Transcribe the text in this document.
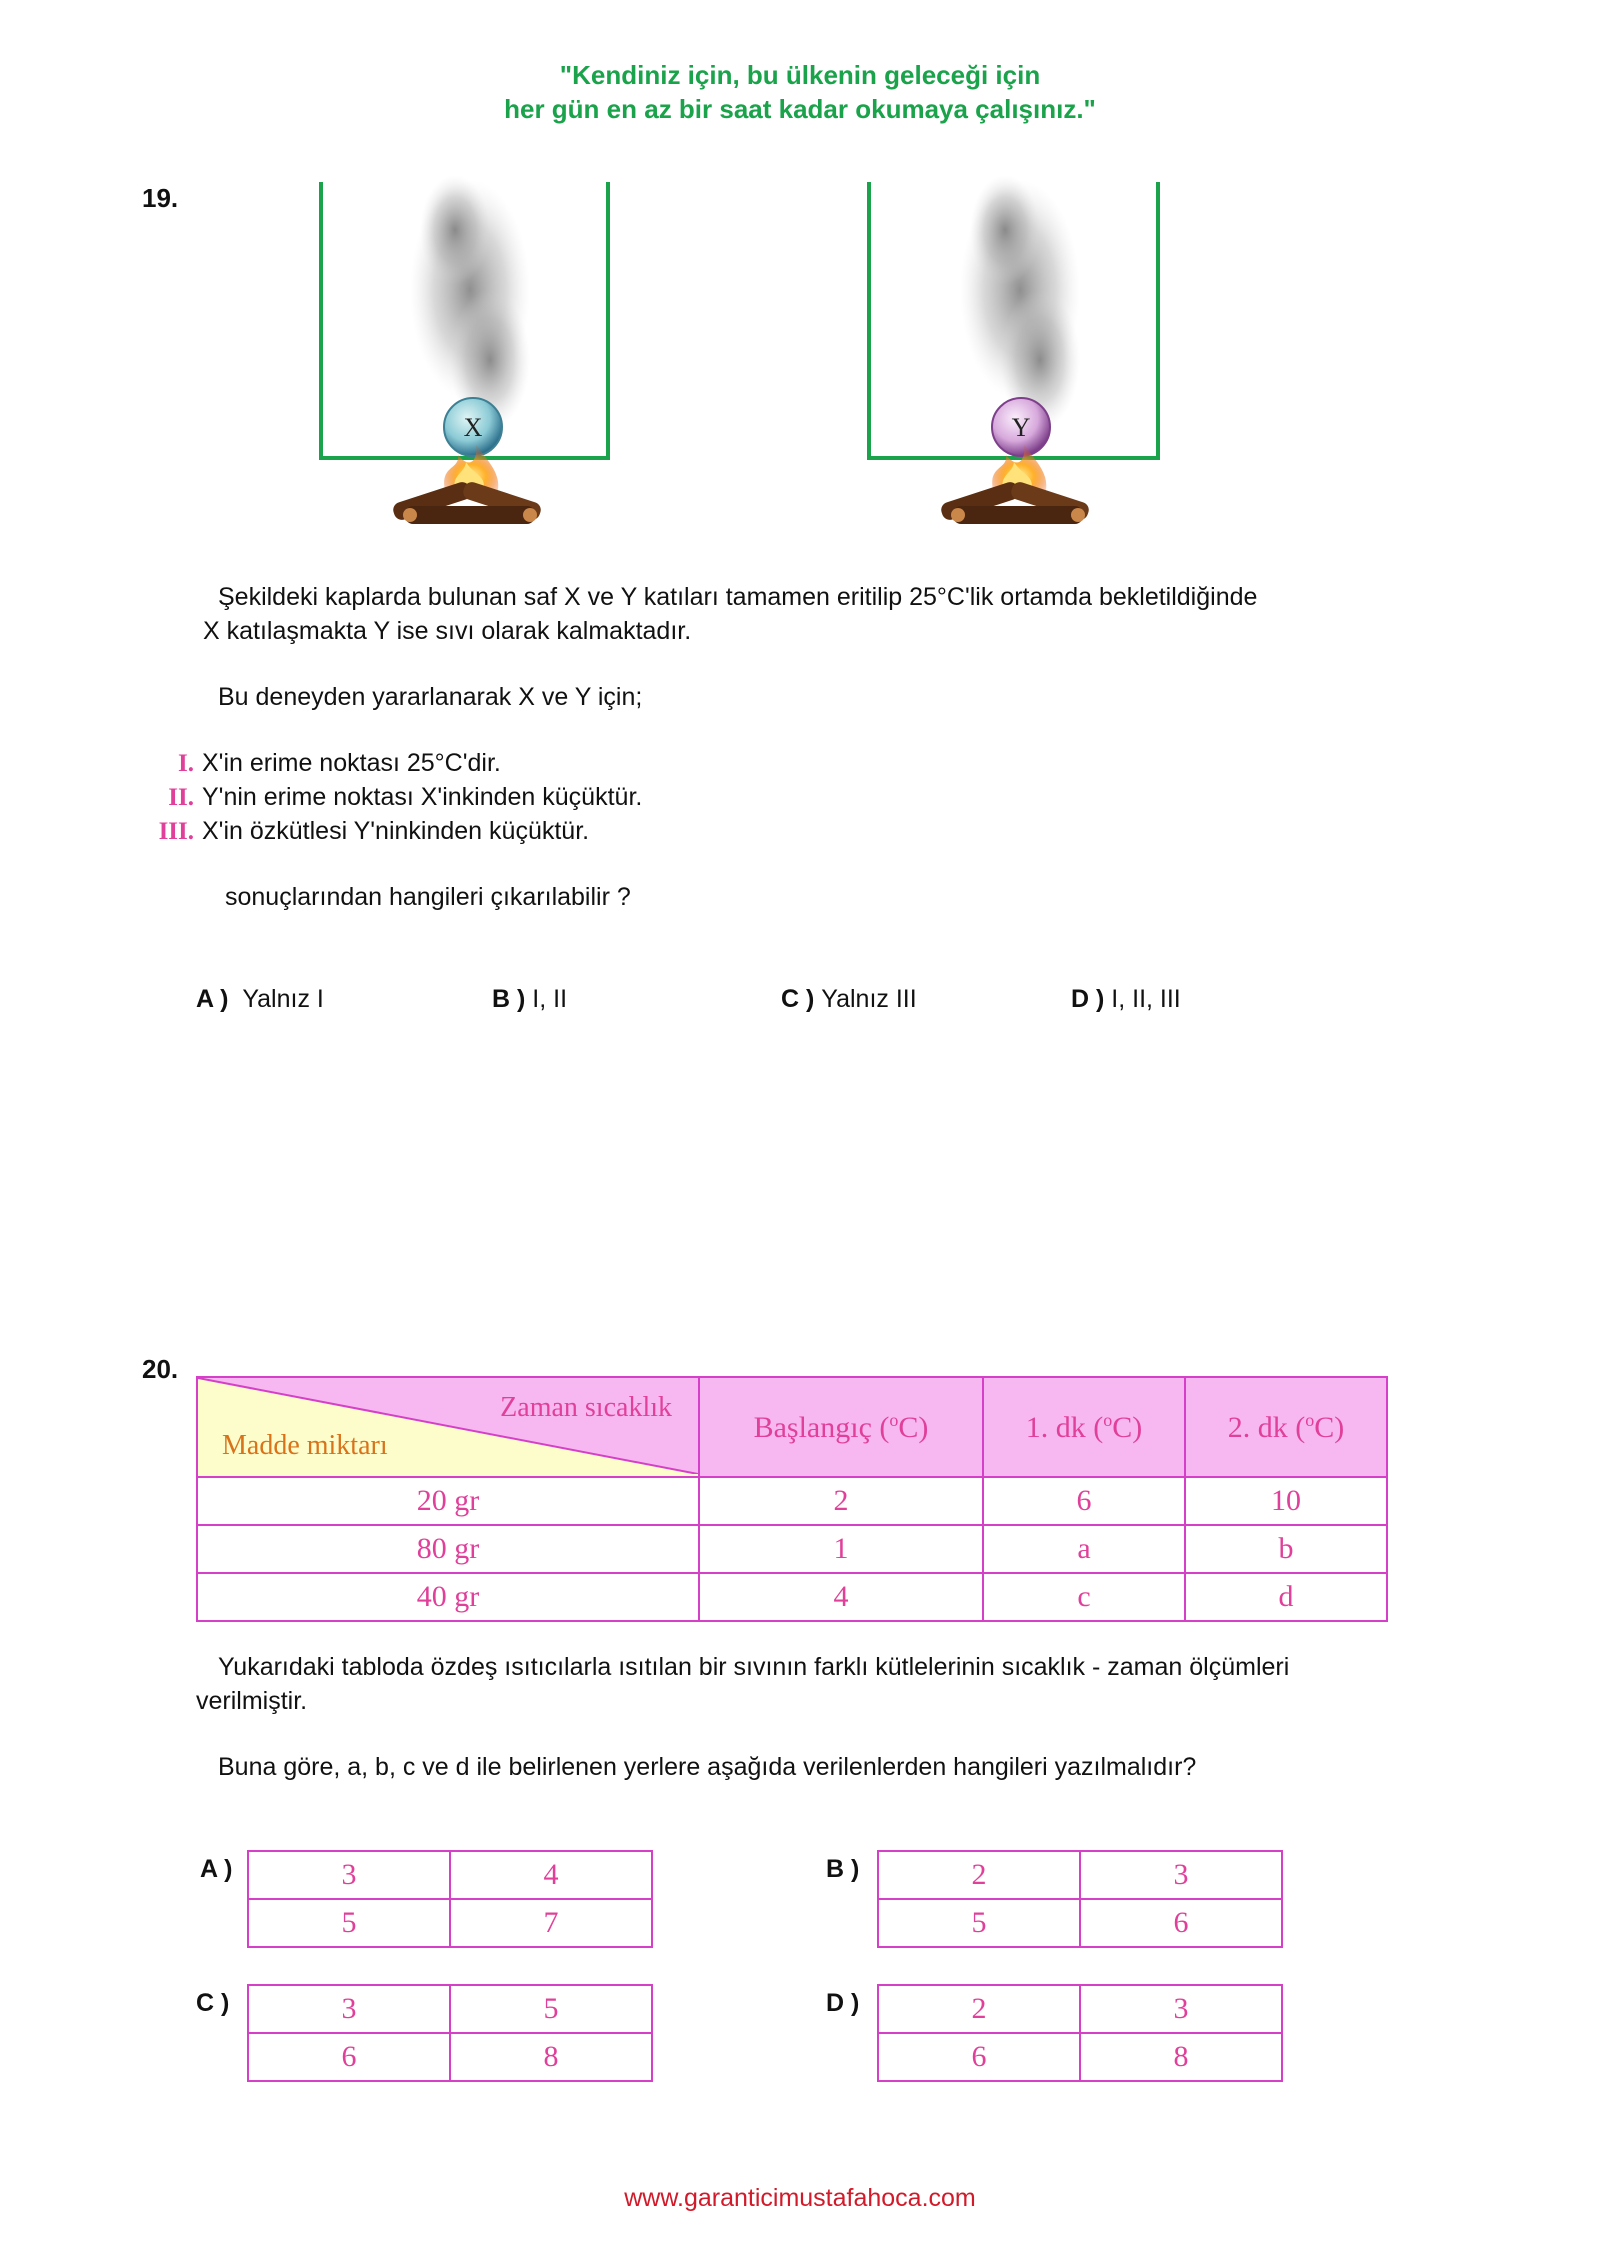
"Kendiniz için, bu ülkenin geleceği için
her gün en az bir saat kadar okumaya çalışınız."
19.
X	Y
Şekildeki kaplarda bulunan saf X ve Y katıları tamamen eritilip 25°C'lik ortamda bekletildiğinde
X katılaşmakta Y ise sıvı olarak kalmaktadır.
Bu deneyden yararlanarak X ve Y için;
I. X'in erime noktası 25°C'dir.
II. Y'nin erime noktası X'inkinden küçüktür.
III. X'in özkütlesi Y'ninkinden küçüktür.
sonuçlarından hangileri çıkarılabilir ?
A ) Yalnız I	B ) I, II	C ) Yalnız III	D ) I, II, III
20.
Zaman sıcaklık
Madde miktarı	Başlangıç ($^o$C)	1. dk ($^o$C)	2. dk ($^o$C)
20 gr	2	6	10
80 gr	1	a	b
40 gr	4	c	d
Yukarıdaki tabloda özdeş ısıtıcılarla ısıtılan bir sıvının farklı kütlelerinin sıcaklık - zaman ölçümleri
verilmiştir.
Buna göre, a, b, c ve d ile belirlenen yerlere aşağıda verilenlerden hangileri yazılmalıdır?
A )	3	4
5	7
B )	2	3
5	6
C )	3	5
6	8
D )	2	3
6	8
www.garanticimustafahoca.com
